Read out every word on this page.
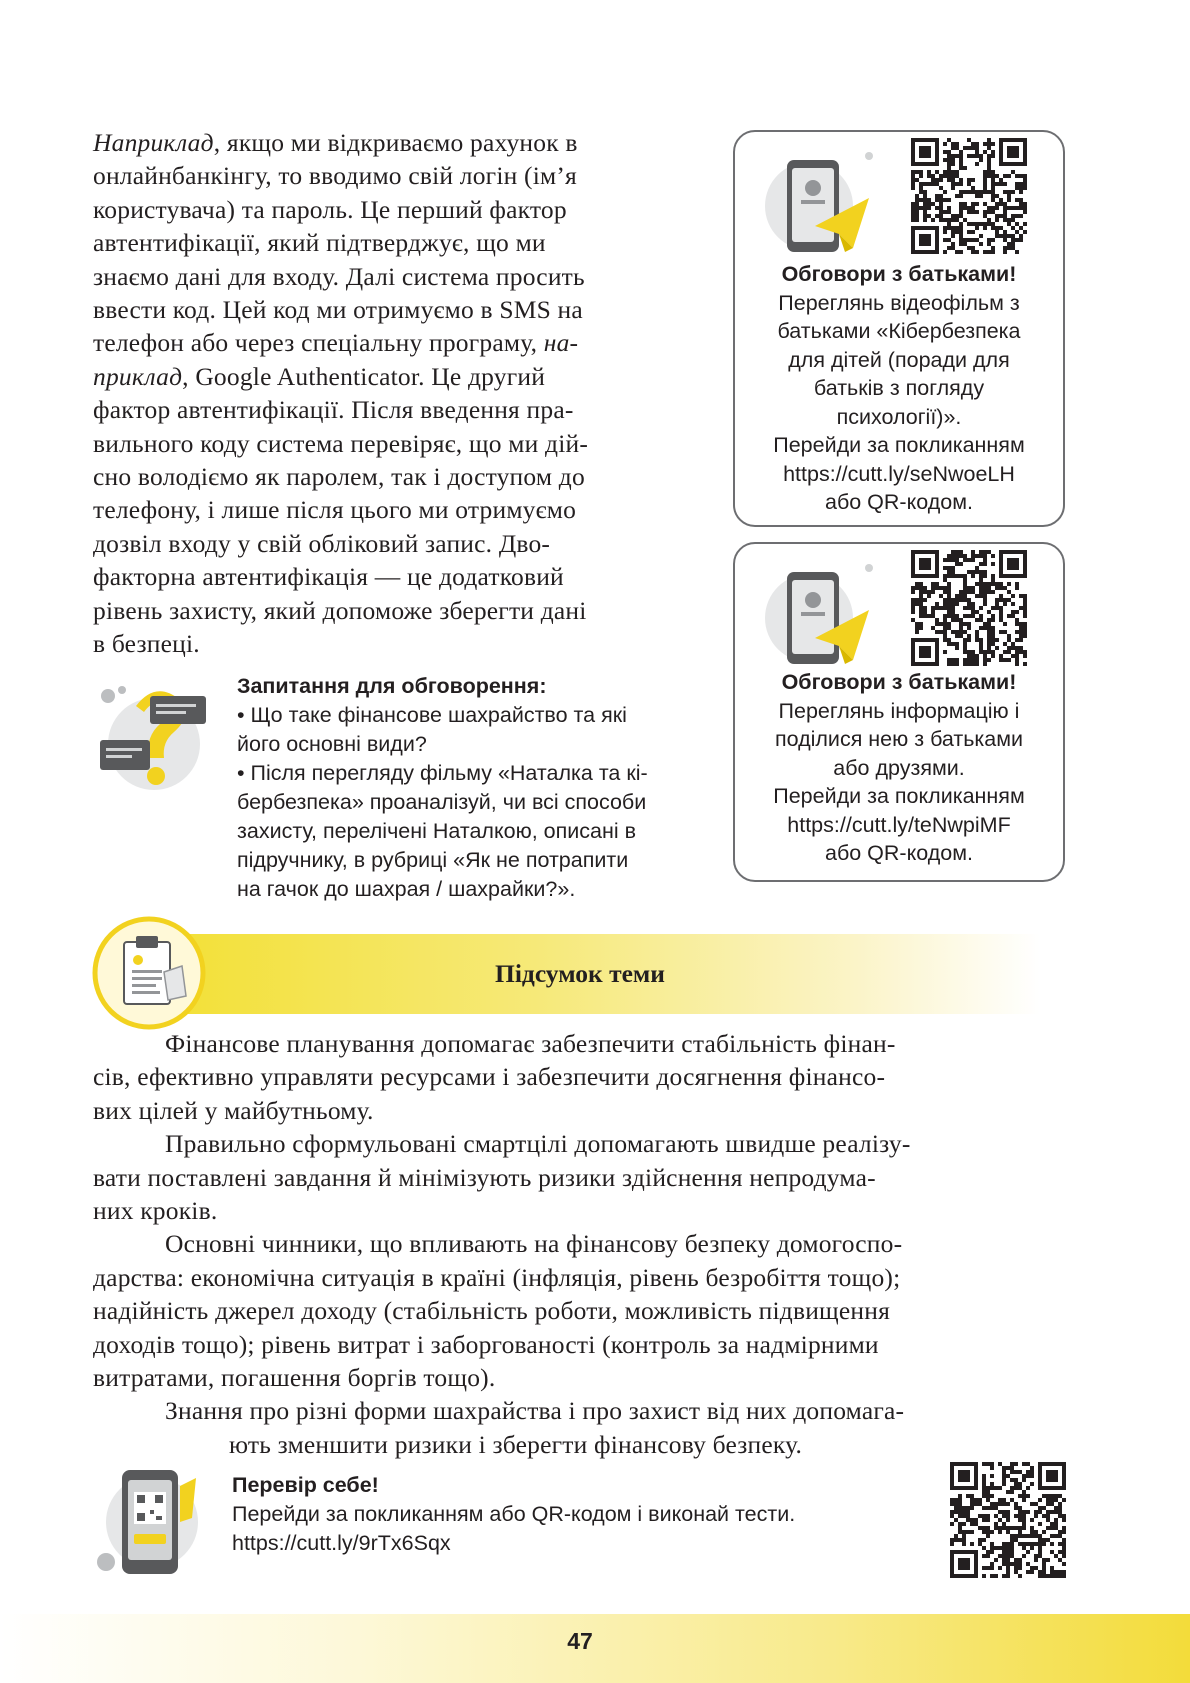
Наприклад, якщо ми відкриваємо рахунок в
онлайнбанкінгу, то вводимо свій логін (ім’я
користувача) та пароль. Це перший фактор
автентифікації, який підтверджує, що ми
знаємо дані для входу. Далі система просить
ввести код. Цей код ми отримуємо в SMS на
телефон або через спеціальну програму, на-
приклад, Google Authenticator. Це другий
фактор автентифікації. Після введення пра-
вильного коду система перевіряє, що ми дій-
сно володіємо як паролем, так і доступом до
телефону, і лише після цього ми отримуємо
дозвіл входу у свій обліковий запис. Дво-
факторна автентифікація — це додатковий
рівень захисту, який допоможе зберегти дані
в безпеці.
Запитання для обговорення:
• Що таке фінансове шахрайство та які
його основні види?
• Після перегляду фільму «Наталка та кі-
бербезпека» проаналізуй, чи всі способи
захисту, перелічені Наталкою, описані в
підручнику, в рубриці «Як не потрапити
на гачок до шахрая / шахрайки?».
Обговори з батьками!
Переглянь відеофільм з
батьками «Кібербезпека
для дітей (поради для
батьків з погляду
психології)».
Перейди за покликанням
https://cutt.ly/seNwoeLH
або QR-кодом.
Обговори з батьками!
Переглянь інформацію і
поділися нею з батьками
або друзями.
Перейди за покликанням
https://cutt.ly/teNwpiMF
або QR-кодом.
Підсумок теми
Фінансове планування допомагає забезпечити стабільність фінан-
сів, ефективно управляти ресурсами і забезпечити досягнення фінансо-
вих цілей у майбутньому.
Правильно сформульовані смартцілі допомагають швидше реалізу-
вати поставлені завдання й мінімізують ризики здійснення непродума-
них кроків.
Основні чинники, що впливають на фінансову безпеку домогоспо-
дарства: економічна ситуація в країні (інфляція, рівень безробіття тощо);
надійність джерел доходу (стабільність роботи, можливість підвищення
доходів тощо); рівень витрат і заборгованості (контроль за надмірними
витратами, погашення боргів тощо).
Знання про різні форми шахрайства і про захист від них допомага-
ють зменшити ризики і зберегти фінансову безпеку.
Перевір себе!
Перейди за покликанням або QR-кодом і виконай тести.
https://cutt.ly/9rTx6Sqx
47
